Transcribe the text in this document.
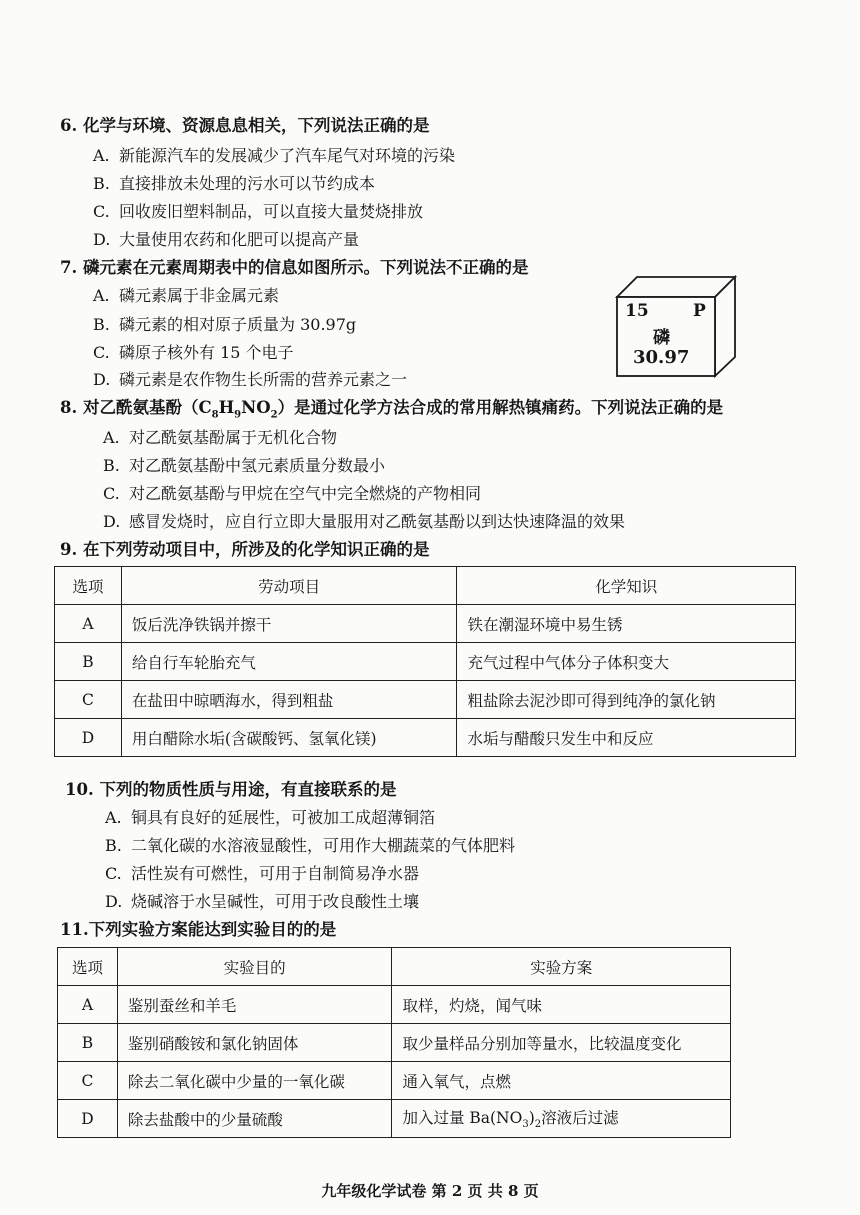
6. 化学与环境、资源息息相关，下列说法正确的是
A. 新能源汽车的发展减少了汽车尾气对环境的污染
B. 直接排放未处理的污水可以节约成本
C. 回收废旧塑料制品，可以直接大量焚烧排放
D. 大量使用农药和化肥可以提高产量
7. 磷元素在元素周期表中的信息如图所示。下列说法不正确的是
A. 磷元素属于非金属元素
B. 磷元素的相对原子质量为 30.97g
C. 磷原子核外有 15 个电子
D. 磷元素是农作物生长所需的营养元素之一
15	P
磷
30.97
8. 对乙酰氨基酚$(C_8H_9NO_2)$是通过化学方法合成的常用解热镇痛药。下列说法正确的是
A. 对乙酰氨基酚属于无机化合物
B. 对乙酰氨基酚中氢元素质量分数最小
C. 对乙酰氨基酚与甲烷在空气中完全燃烧的产物相同
D. 感冒发烧时，应自行立即大量服用对乙酰氨基酚以到达快速降温的效果
9. 在下列劳动项目中，所涉及的化学知识正确的是
选项	劳动项目	化学知识
A	饭后洗净铁锅并擦干	铁在潮湿环境中易生锈
B	给自行车轮胎充气	充气过程中气体分子体积变大
C	在盐田中晾晒海水，得到粗盐	粗盐除去泥沙即可得到纯净的氯化钠
D	用白醋除水垢(含碳酸钙、氢氧化镁)	水垢与醋酸只发生中和反应
10. 下列的物质性质与用途，有直接联系的是
A. 铜具有良好的延展性，可被加工成超薄铜箔
B. 二氧化碳的水溶液显酸性，可用作大棚蔬菜的气体肥料
C. 活性炭有可燃性，可用于自制简易净水器
D. 烧碱溶于水呈碱性，可用于改良酸性土壤
11.下列实验方案能达到实验目的的是
选项	实验目的	实验方案
A	鉴别蚕丝和羊毛	取样，灼烧，闻气味
B	鉴别硝酸铵和氯化钠固体	取少量样品分别加等量水，比较温度变化
C	除去二氧化碳中少量的一氧化碳	通入氧气，点燃
D	除去盐酸中的少量硫酸	加入过量 $Ba(NO_3)_2$溶液后过滤
九年级化学试卷 第 2 页 共 8 页
